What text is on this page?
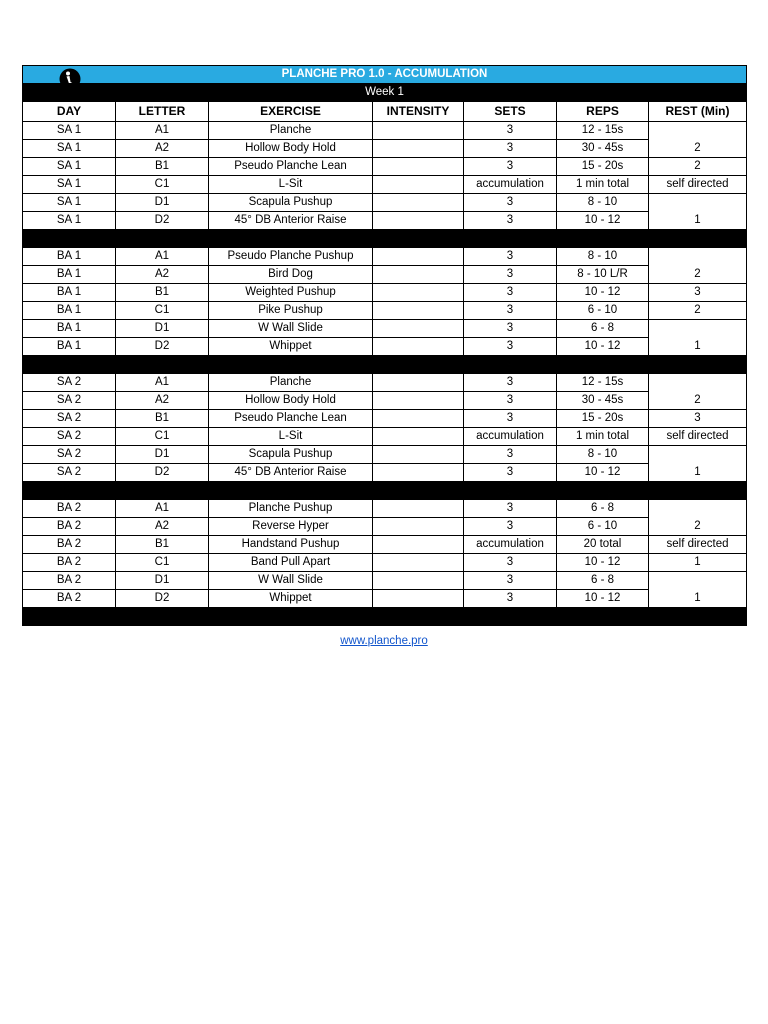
PLANCHE PRO 1.0 - ACCUMULATION						
Week 1						
DAY	LETTER	EXERCISE	INTENSITY	SETS	REPS	REST (Min)
SA 1	A1	Planche		3	12 - 15s	2
SA 1	A2	Hollow Body Hold		3	30 - 45s	
SA 1	B1	Pseudo Planche Lean		3	15 - 20s	2
SA 1	C1	L-Sit		accumulation	1 min total	self directed
SA 1	D1	Scapula Pushup		3	8 - 10	1
SA 1	D2	45° DB Anterior Raise		3	10 - 12	

BA 1	A1	Pseudo Planche Pushup		3	8 - 10	2
BA 1	A2	Bird Dog		3	8 - 10 L/R	
BA 1	B1	Weighted Pushup		3	10 - 12	3
BA 1	C1	Pike Pushup		3	6 - 10	2
BA 1	D1	W Wall Slide		3	6 - 8	1
BA 1	D2	Whippet		3	10 - 12	

SA 2	A1	Planche		3	12 - 15s	2
SA 2	A2	Hollow Body Hold		3	30 - 45s	
SA 2	B1	Pseudo Planche Lean		3	15 - 20s	3
SA 2	C1	L-Sit		accumulation	1 min total	self directed
SA 2	D1	Scapula Pushup		3	8 - 10	1
SA 2	D2	45° DB Anterior Raise		3	10 - 12	

BA 2	A1	Planche Pushup		3	6 - 8	2
BA 2	A2	Reverse Hyper		3	6 - 10	
BA 2	B1	Handstand Pushup		accumulation	20 total	self directed
BA 2	C1	Band Pull Apart		3	10 - 12	1
BA 2	D1	W Wall Slide		3	6 - 8	1
BA 2	D2	Whippet		3	10 - 12	

www.planche.pro
